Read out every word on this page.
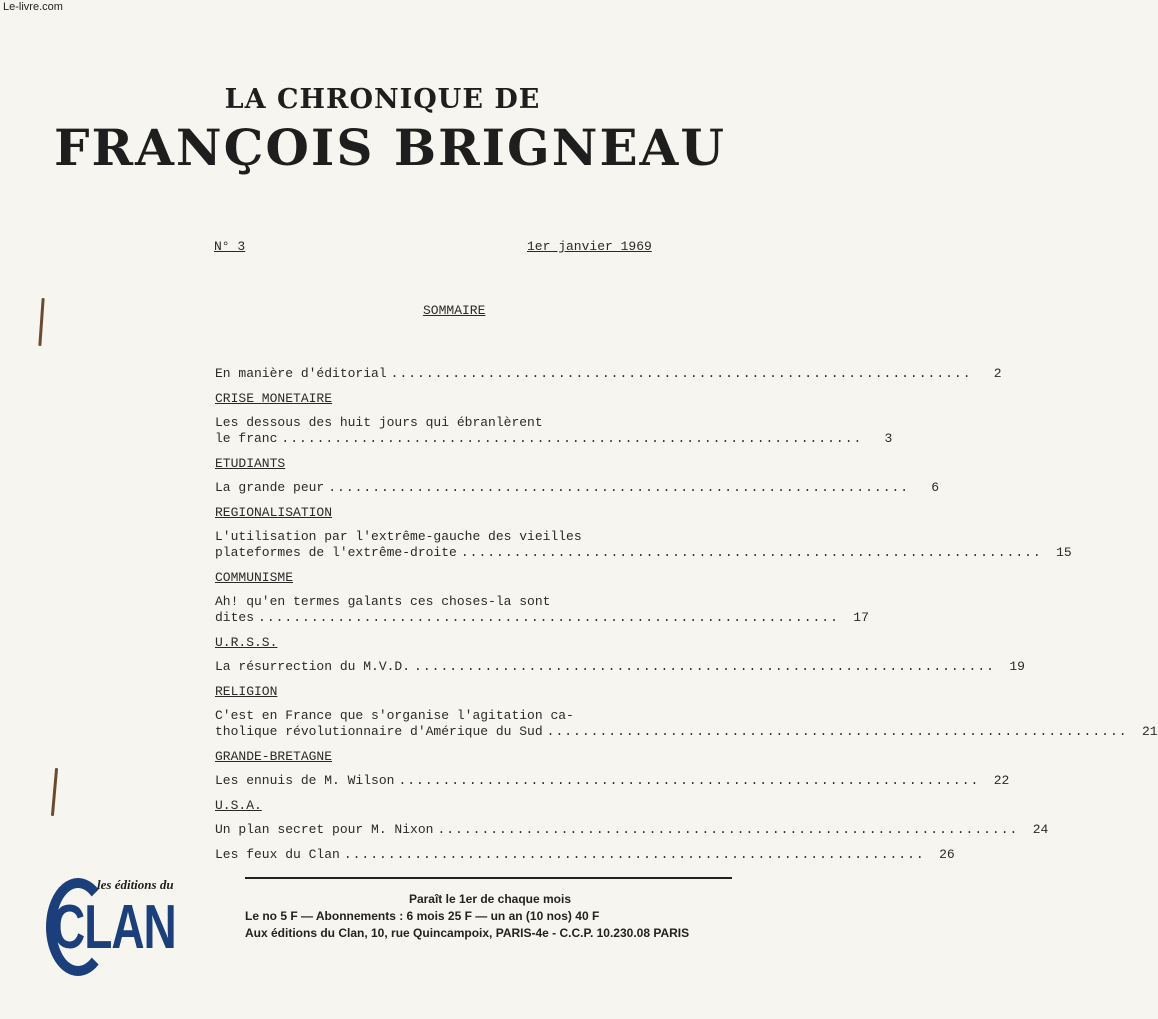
Le-livre.com
LA CHRONIQUE DE
FRANÇOIS BRIGNEAU
N° 3	1er janvier 1969
SOMMAIRE
En manière d'éditorial ..................................................................	2
CRISE MONETAIRE
Les dessous des huit jours qui ébranlèrent
le franc ..................................................................	3
ETUDIANTS
La grande peur ..................................................................	6
REGIONALISATION
L'utilisation par l'extrême-gauche des vieilles
plateformes de l'extrême-droite ..................................................................	15
COMMUNISME
Ah! qu'en termes galants ces choses-la sont
dites ..................................................................	17
U.R.S.S.
La résurrection du M.V.D. ..................................................................	19
RELIGION
C'est en France que s'organise l'agitation ca-
tholique révolutionnaire d'Amérique du Sud ..................................................................	21
GRANDE-BRETAGNE
Les ennuis de M. Wilson ..................................................................	22
U.S.A.
Un plan secret pour M. Nixon ..................................................................	24
Les feux du Clan ..................................................................	26
les éditions du
CLAN	Paraît le 1er de chaque mois
Le no 5 F — Abonnements : 6 mois 25 F — un an (10 nos) 40 F
Aux éditions du Clan, 10, rue Quincampoix, PARIS-4e - C.C.P. 10.230.08 PARIS
